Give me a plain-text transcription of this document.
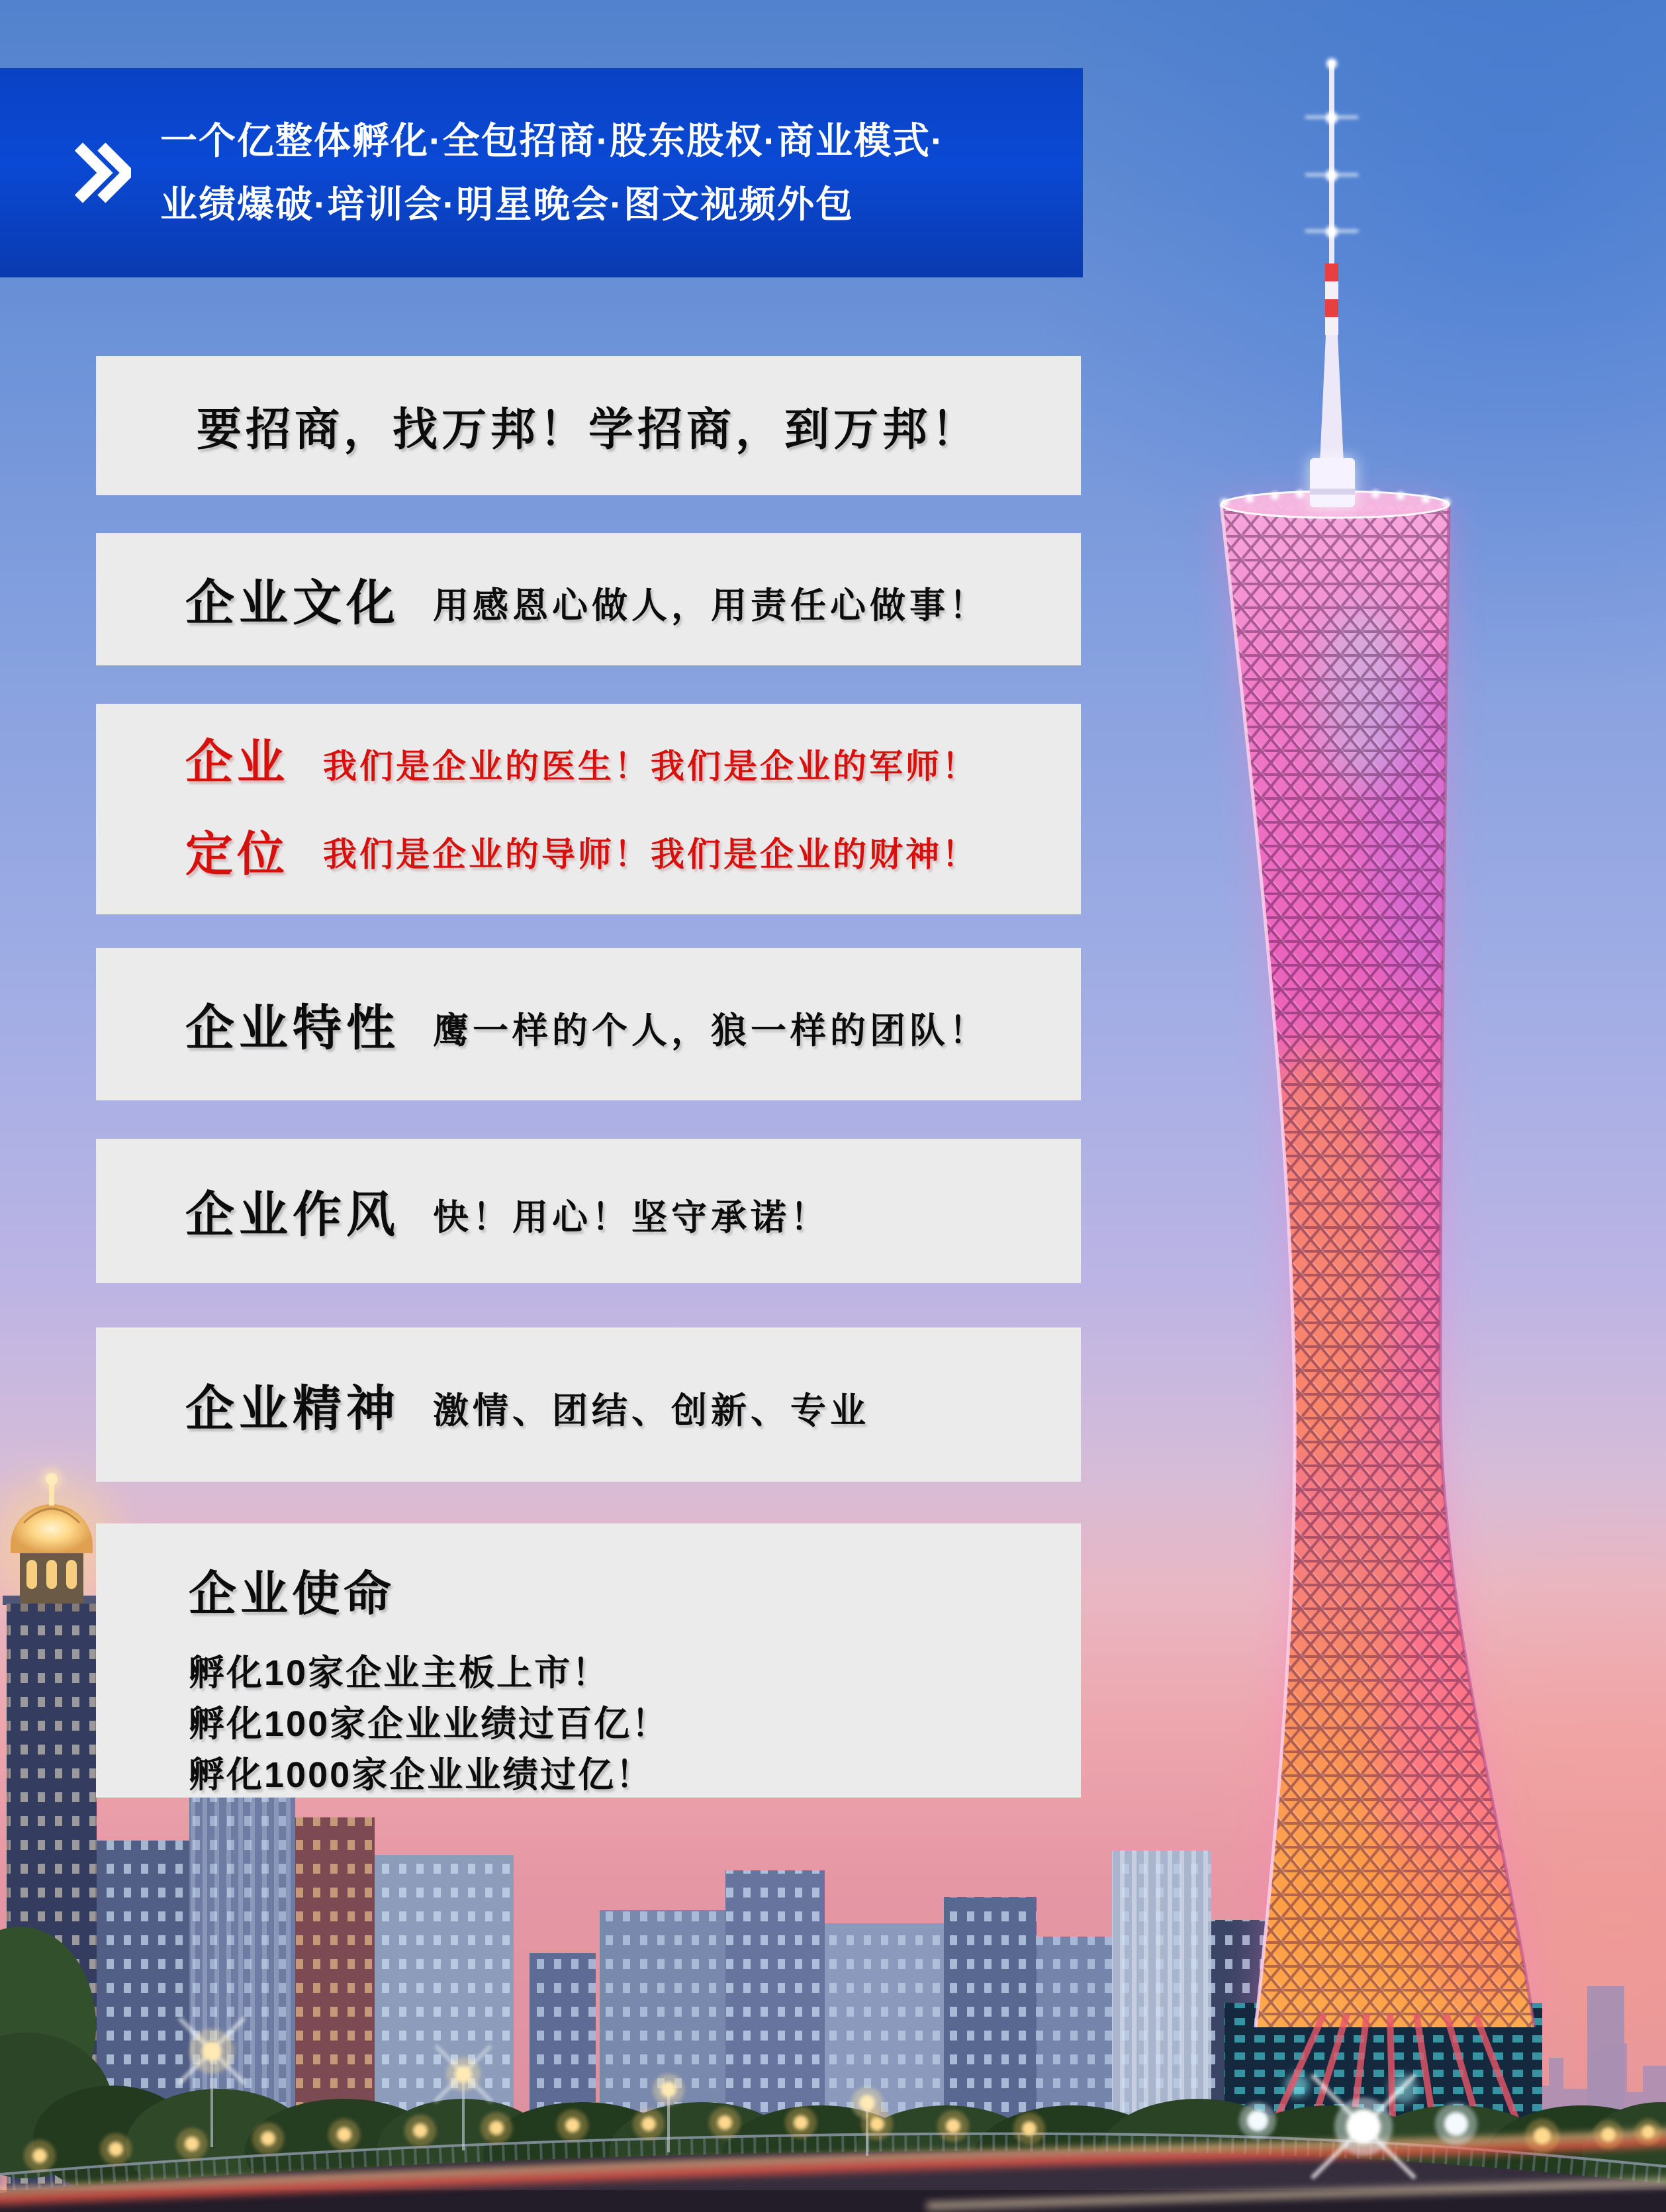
一个亿整体孵化·全包招商·股东股权·商业模式·
业绩爆破·培训会·明星晚会·图文视频外包
要招商，找万邦！学招商，到万邦！
企业文化 用感恩心做人，用责任心做事！
企业
定位
我们是企业的医生！我们是企业的军师！
我们是企业的导师！我们是企业的财神！
企业特性 鹰一样的个人，狼一样的团队！
企业作风 快！用心！坚守承诺！
企业精神 激情、团结、创新、专业
企业使命
孵化10家企业主板上市！
孵化100家企业业绩过百亿！
孵化1000家企业业绩过亿！
